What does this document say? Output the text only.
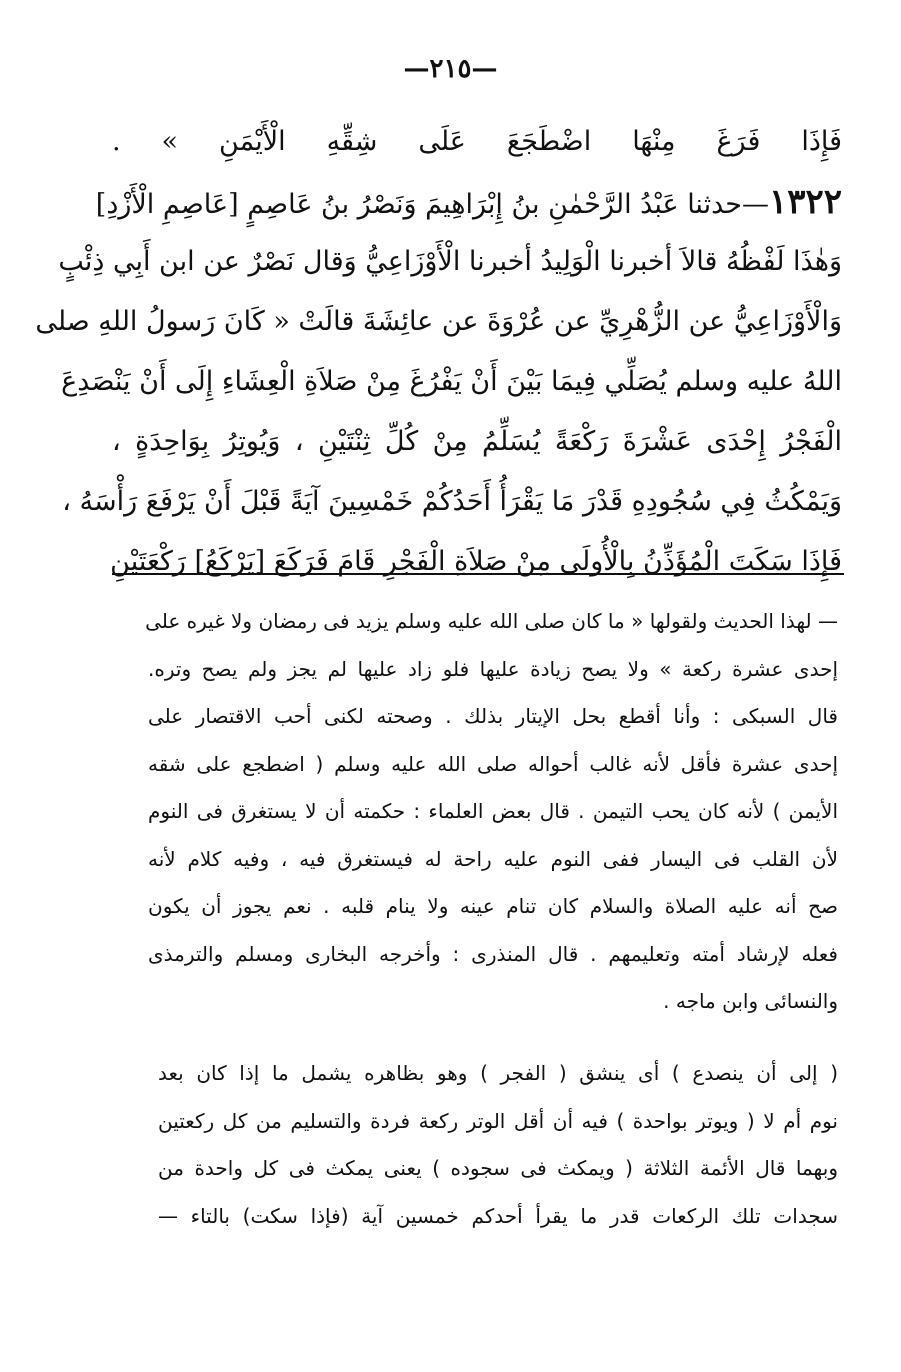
—٢١٥—
فَإِذَا فَرَغَ مِنْهَا اضْطَجَعَ عَلَى شِقِّهِ الْأَيْمَنِ » .
١٣٢٢—حدثنا عَبْدُ الرَّحْمٰنِ بنُ إِبْرَاهِيمَ وَنَصْرُ بنُ عَاصِمٍ [عَاصِمِ الْأَزْدِ]
وَهٰذَا لَفْظُهُ قالاَ أخبرنا الْوَلِيدُ أخبرنا الْأَوْزَاعِيُّ وَقال نَصْرٌ عن ابن أَبِي ذِئْبٍ
وَالْأَوْزَاعِيُّ عن الزُّهْرِيِّ عن عُرْوَةَ عن عائِشَةَ قالَتْ « كَانَ رَسولُ اللهِ صلى
اللهُ عليه وسلم يُصَلِّي فِيمَا بَيْنَ أَنْ يَفْرُغَ مِنْ صَلاَةِ الْعِشَاءِ إِلَى أَنْ يَنْصَدِعَ
الْفَجْرُ إِحْدَى عَشْرَةَ رَكْعَةً يُسَلِّمُ مِنْ كُلِّ ثِنْتَيْنِ ، وَيُوتِرُ بِوَاحِدَةٍ ،
وَيَمْكُثُ فِي سُجُودِهِ قَدْرَ مَا يَقْرَأُ أَحَدُكُمْ خَمْسِينَ آيَةً قَبْلَ أَنْ يَرْفَعَ رَأْسَهُ ،
فَإِذَا سَكَتَ الْمُؤَذِّنُ بِالْأُولَى مِنْ صَلاَةِ الْفَجْرِ قَامَ فَرَكَعَ [يَرْكَعُ] رَكْعَتَيْنِ
— لهذا الحديث ولقولها « ما كان صلى الله عليه وسلم يزيد فى رمضان ولا غيره على
إحدى عشرة ركعة » ولا يصح زيادة عليها فلو زاد عليها لم يجز ولم يصح وتره.
قال السبكى : وأنا أقطع بحل الإيتار بذلك . وصحته لكنى أحب الاقتصار على
إحدى عشرة فأقل لأنه غالب أحواله صلى الله عليه وسلم ( اضطجع على شقه
الأيمن ) لأنه كان يحب التيمن . قال بعض العلماء : حكمته أن لا يستغرق فى النوم
لأن القلب فى اليسار ففى النوم عليه راحة له فيستغرق فيه ، وفيه كلام لأنه
صح أنه عليه الصلاة والسلام كان تنام عينه ولا ينام قلبه . نعم يجوز أن يكون
فعله لإرشاد أمته وتعليمهم . قال المنذرى : وأخرجه البخارى ومسلم والترمذى
والنسائى وابن ماجه .
( إلى أن ينصدع ) أى ينشق ( الفجر ) وهو بظاهره يشمل ما إذا كان بعد
نوم أم لا ( ويوتر بواحدة ) فيه أن أقل الوتر ركعة فردة والتسليم من كل ركعتين
وبهما قال الأئمة الثلاثة ( ويمكث فى سجوده ) يعنى يمكث فى كل واحدة من
سجدات تلك الركعات قدر ما يقرأ أحدكم خمسين آية (فإذا سكت) بالتاء —
